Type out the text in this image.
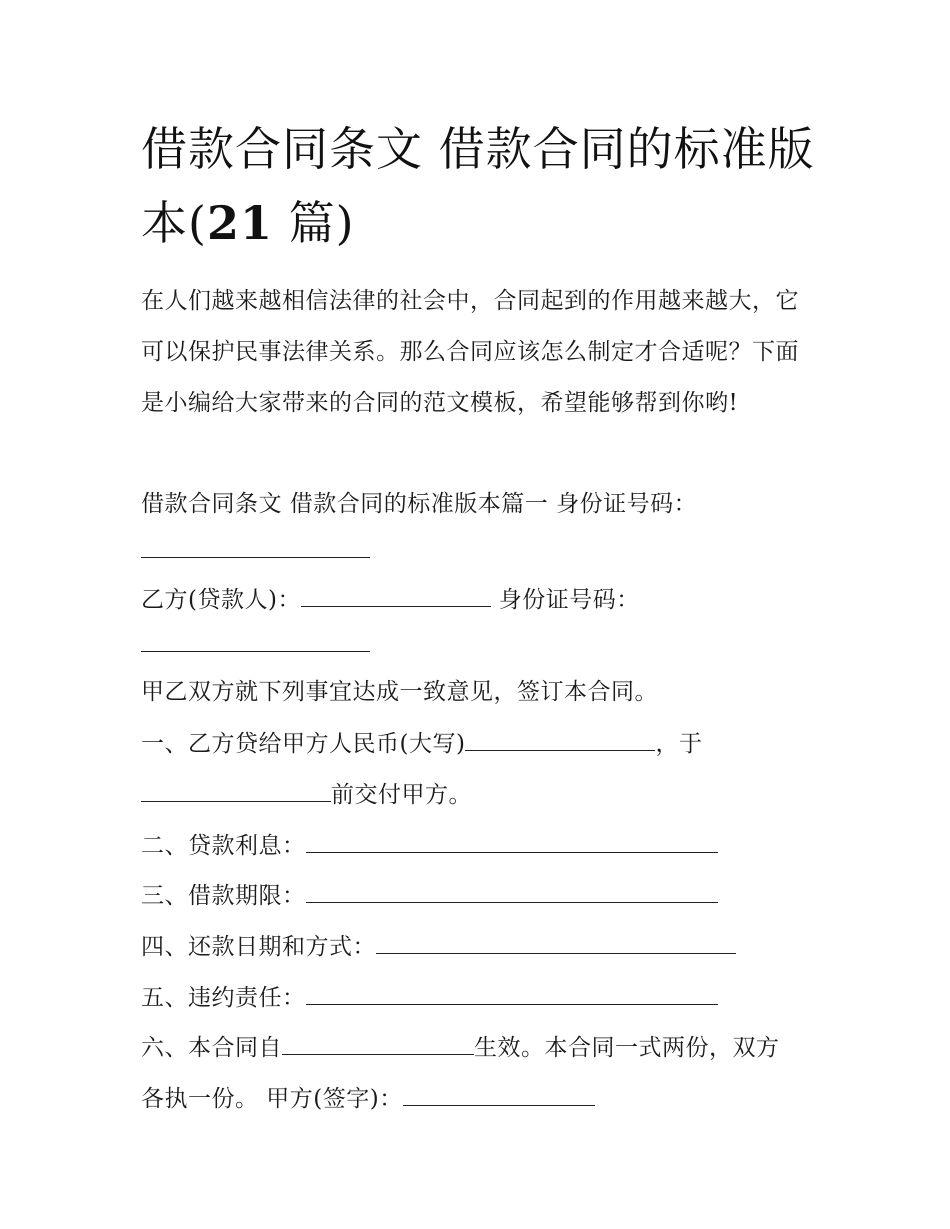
借款合同条文 借款合同的标准版本(21 篇)

在人们越来越相信法律的社会中，合同起到的作用越来越大，它可以保护民事法律关系。那么合同应该怎么制定才合适呢？下面是小编给大家带来的合同的范文模板，希望能够帮到你哟!

借款合同条文 借款合同的标准版本篇一 身份证号码：
乙方(贷款人)：	身份证号码：
甲乙双方就下列事宜达成一致意见，签订本合同。
一、乙方贷给甲方人民币(大写)	，于
前交付甲方。
二、贷款利息：
三、借款期限：
四、还款日期和方式：
五、违约责任：
六、本合同自	生效。本合同一式两份，双方
各执一份。 甲方(签字)：
